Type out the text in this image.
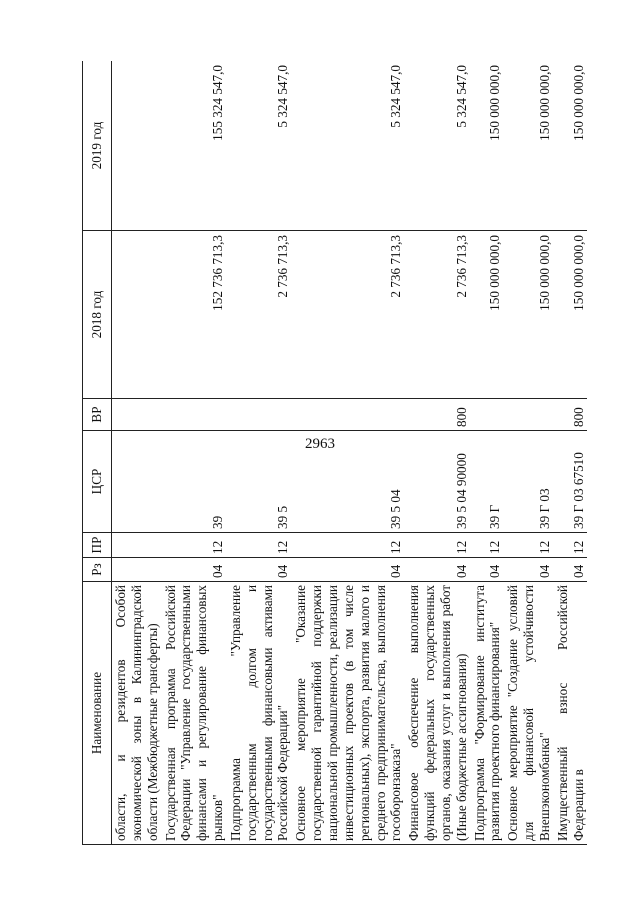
2963
Наименование	Рз	ПР	ЦСР	ВР	2018 год	2019 год
области, и резидентов Особой экономической зоны в Калининградской области (Межбюджетные трансферты)						
Государственная программа Российской Федерации "Управление государственными финансами и регулирование финансовых рынков"	04	12	39		152 736 713,3	155 324 547,0
Подпрограмма "Управление государственным долгом и государственными финансовыми активами Российской Федерации"	04	12	39 5		2 736 713,3	5 324 547,0
Основное мероприятие "Оказание государственной гарантийной поддержки национальной промышленности, реализации инвестиционных проектов (в том числе региональных), экспорта, развития малого и среднего предпринимательства, выполнения гособоронзаказа"	04	12	39 5 04		2 736 713,3	5 324 547,0
Финансовое обеспечение выполнения функций федеральных государственных органов, оказания услуг и выполнения работ (Иные бюджетные ассигнования)	04	12	39 5 04 90000	800	2 736 713,3	5 324 547,0
Подпрограмма "Формирование института развития проектного финансирования"	04	12	39 Г		150 000 000,0	150 000 000,0
Основное мероприятие "Создание условий для финансовой устойчивости Внешэкономбанка"	04	12	39 Г 03		150 000 000,0	150 000 000,0
Имущественный взнос Российской Федерации в	04	12	39 Г 03 67510	800	150 000 000,0	150 000 000,0
